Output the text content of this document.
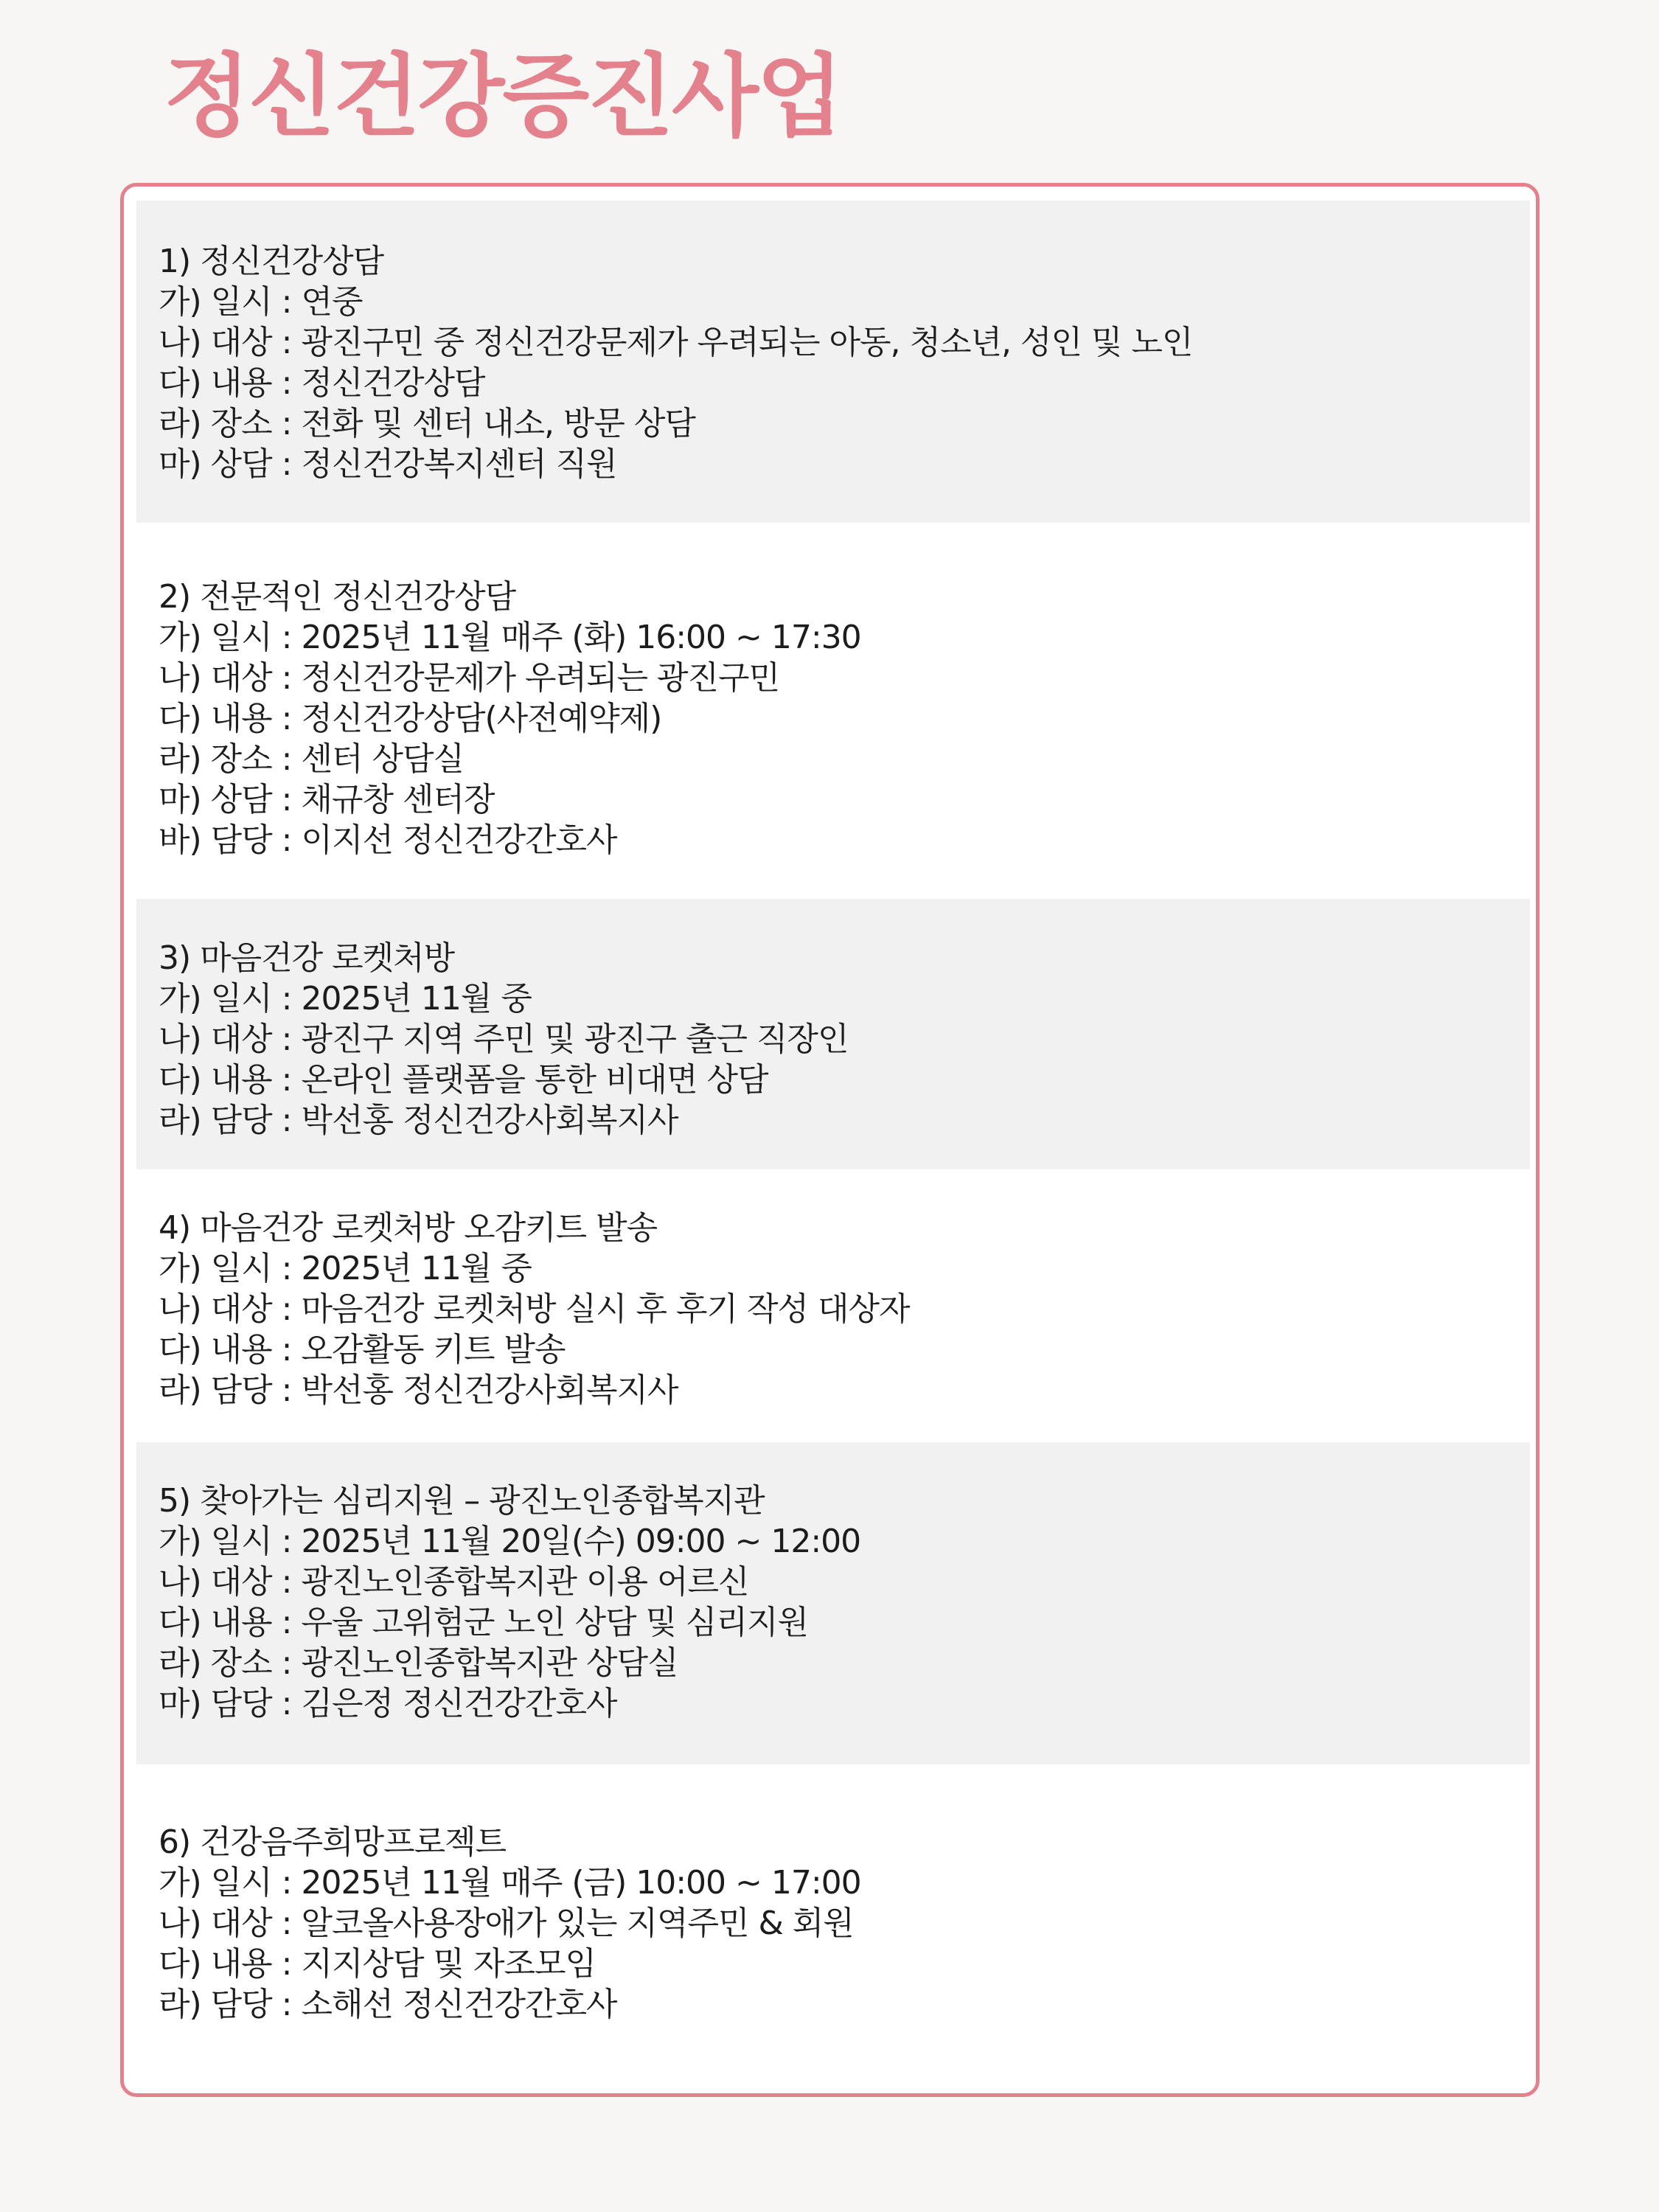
정신건강증진사업
1) 정신건강상담
가) 일시 : 연중
나) 대상 : 광진구민 중 정신건강문제가 우려되는 아동, 청소년, 성인 및 노인
다) 내용 : 정신건강상담
라) 장소 : 전화 및 센터 내소, 방문 상담
마) 상담 : 정신건강복지센터 직원
2) 전문적인 정신건강상담
가) 일시 : 2025년 11월 매주 (화) 16:00 ~ 17:30
나) 대상 : 정신건강문제가 우려되는 광진구민
다) 내용 : 정신건강상담(사전예약제)
라) 장소 : 센터 상담실
마) 상담 : 채규창 센터장
바) 담당 : 이지선 정신건강간호사
3) 마음건강 로켓처방
가) 일시 : 2025년 11월 중
나) 대상 : 광진구 지역 주민 및 광진구 출근 직장인
다) 내용 : 온라인 플랫폼을 통한 비대면 상담
라) 담당 : 박선홍 정신건강사회복지사
4) 마음건강 로켓처방 오감키트 발송
가) 일시 : 2025년 11월 중
나) 대상 : 마음건강 로켓처방 실시 후 후기 작성 대상자
다) 내용 : 오감활동 키트 발송
라) 담당 : 박선홍 정신건강사회복지사
5) 찾아가는 심리지원 – 광진노인종합복지관
가) 일시 : 2025년 11월 20일(수) 09:00 ~ 12:00
나) 대상 : 광진노인종합복지관 이용 어르신
다) 내용 : 우울 고위험군 노인 상담 및 심리지원
라) 장소 : 광진노인종합복지관 상담실
마) 담당 : 김은정 정신건강간호사
6) 건강음주희망프로젝트
가) 일시 : 2025년 11월 매주 (금) 10:00 ~ 17:00
나) 대상 : 알코올사용장애가 있는 지역주민 & 회원
다) 내용 : 지지상담 및 자조모임
라) 담당 : 소해선 정신건강간호사
